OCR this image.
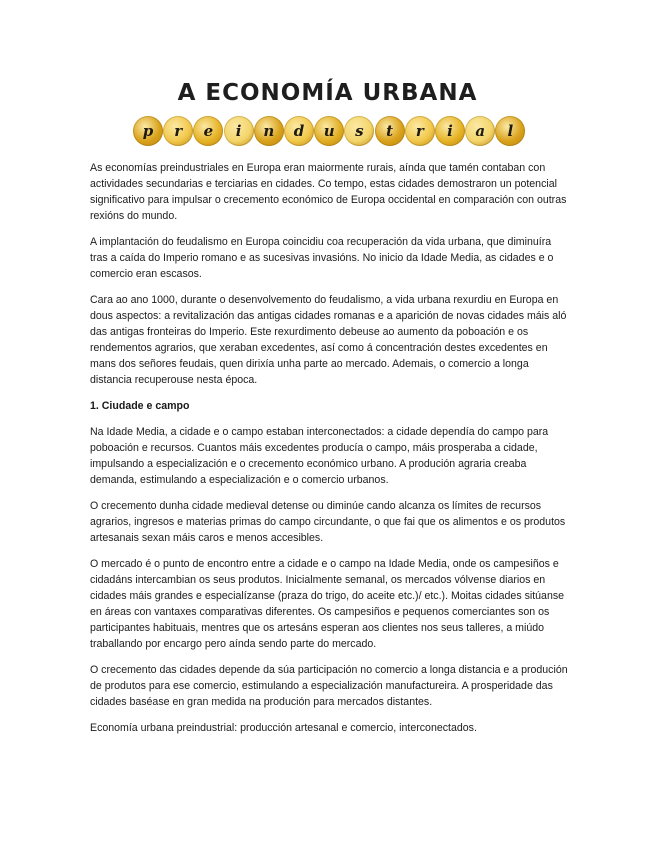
A ECONOMÍA URBANA
p	r	e	i	n	d	u	s	t	r	i	a	l

As economías preindustriales en Europa eran maiormente rurais, aínda que tamén contaban con actividades secundarias e terciarias en cidades. Co tempo, estas cidades demostraron un potencial significativo para impulsar o crecemento económico de Europa occidental en comparación con outras rexións do mundo.

A implantación do feudalismo en Europa coincidiu coa recuperación da vida urbana, que diminuíra tras a caída do Imperio romano e as sucesivas invasións. No inicio da Idade Media, as cidades e o comercio eran escasos.

Cara ao ano 1000, durante o desenvolvemento do feudalismo, a vida urbana rexurdiu en Europa en dous aspectos: a revitalización das antigas cidades romanas e a aparición de novas cidades máis aló das antigas fronteiras do Imperio. Este rexurdimento debeuse ao aumento da poboación e os rendementos agrarios, que xeraban excedentes, así como á concentración destes excedentes en mans dos señores feudais, quen dirixía unha parte ao mercado. Ademais, o comercio a longa distancia recuperouse nesta época.

1. Ciudade e campo

Na Idade Media, a cidade e o campo estaban interconectados: a cidade dependía do campo para poboación e recursos. Cuantos máis excedentes producía o campo, máis prosperaba a cidade, impulsando a especialización e o crecemento económico urbano. A produción agraria creaba demanda, estimulando a especialización e o comercio urbanos.

O crecemento dunha cidade medieval detense ou diminúe cando alcanza os límites de recursos agrarios, ingresos e materias primas do campo circundante, o que fai que os alimentos e os produtos artesanais sexan máis caros e menos accesibles.

O mercado é o punto de encontro entre a cidade e o campo na Idade Media, onde os campesiños e cidadáns intercambian os seus produtos. Inicialmente semanal, os mercados vólvense diarios en cidades máis grandes e especialízanse (praza do trigo, do aceite etc.)/ etc.). Moitas cidades sitúanse en áreas con vantaxes comparativas diferentes. Os campesiños e pequenos comerciantes son os participantes habituais, mentres que os artesáns esperan aos clientes nos seus talleres, a miúdo traballando por encargo pero aínda sendo parte do mercado.

O crecemento das cidades depende da súa participación no comercio a longa distancia e a produción de produtos para ese comercio, estimulando a especialización manufactureira. A prosperidade das cidades baséase en gran medida na produción para mercados distantes.

Economía urbana preindustrial: producción artesanal e comercio, interconectados.
